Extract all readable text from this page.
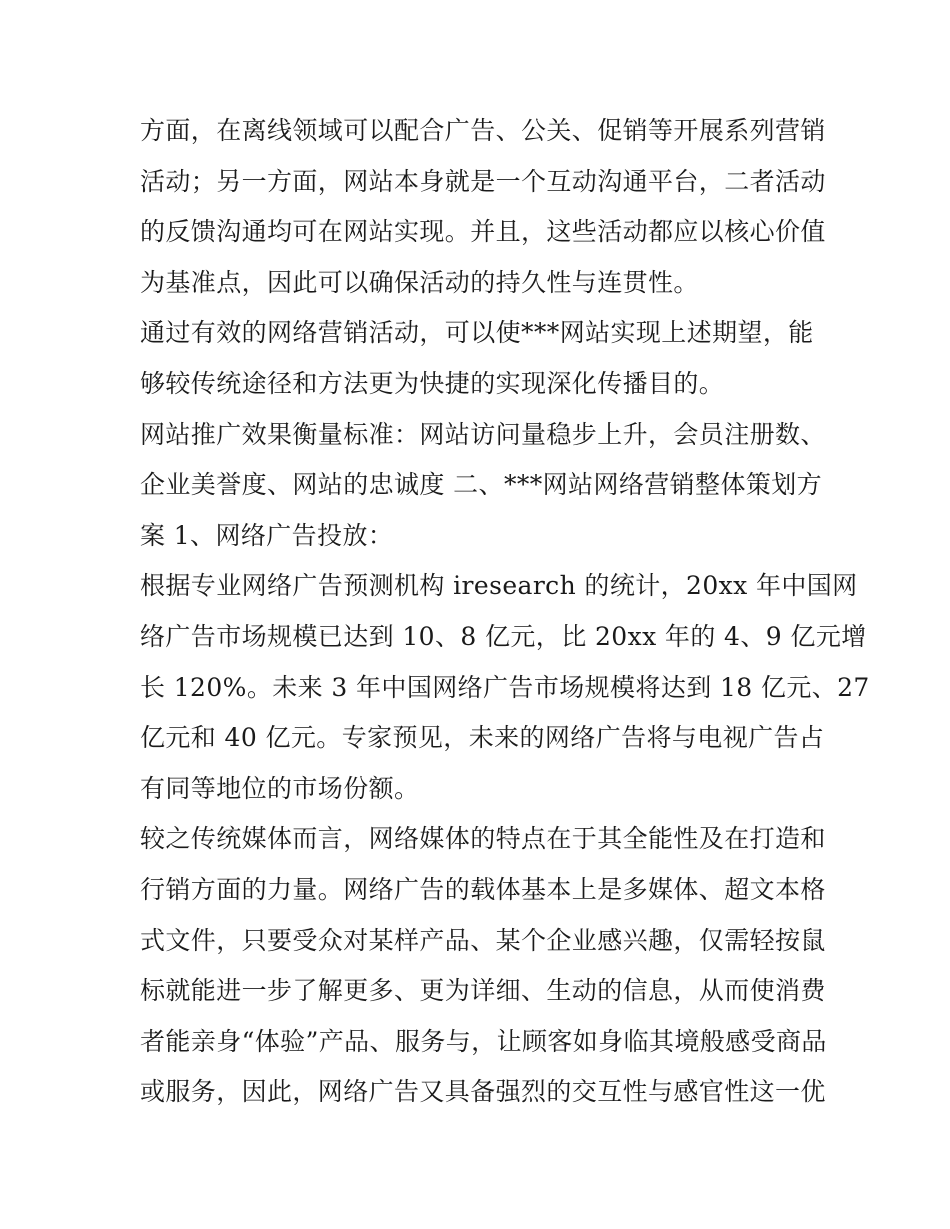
方面，在离线领域可以配合广告、公关、促销等开展系列营销
活动；另一方面，网站本身就是一个互动沟通平台，二者活动
的反馈沟通均可在网站实现。并且，这些活动都应以核心价值
为基准点，因此可以确保活动的持久性与连贯性。
通过有效的网络营销活动，可以使***网站实现上述期望，能
够较传统途径和方法更为快捷的实现深化传播目的。
网站推广效果衡量标准：网站访问量稳步上升，会员注册数、
企业美誉度、网站的忠诚度 二、***网站网络营销整体策划方
案 1、网络广告投放：
根据专业网络广告预测机构 iresearch 的统计，20xx 年中国网
络广告市场规模已达到 10、8 亿元，比 20xx 年的 4、9 亿元增
长 120%。未来 3 年中国网络广告市场规模将达到 18 亿元、27
亿元和 40 亿元。专家预见，未来的网络广告将与电视广告占
有同等地位的市场份额。
较之传统媒体而言，网络媒体的特点在于其全能性及在打造和
行销方面的力量。网络广告的载体基本上是多媒体、超文本格
式文件，只要受众对某样产品、某个企业感兴趣，仅需轻按鼠
标就能进一步了解更多、更为详细、生动的信息，从而使消费
者能亲身“体验”产品、服务与，让顾客如身临其境般感受商品
或服务，因此，网络广告又具备强烈的交互性与感官性这一优
